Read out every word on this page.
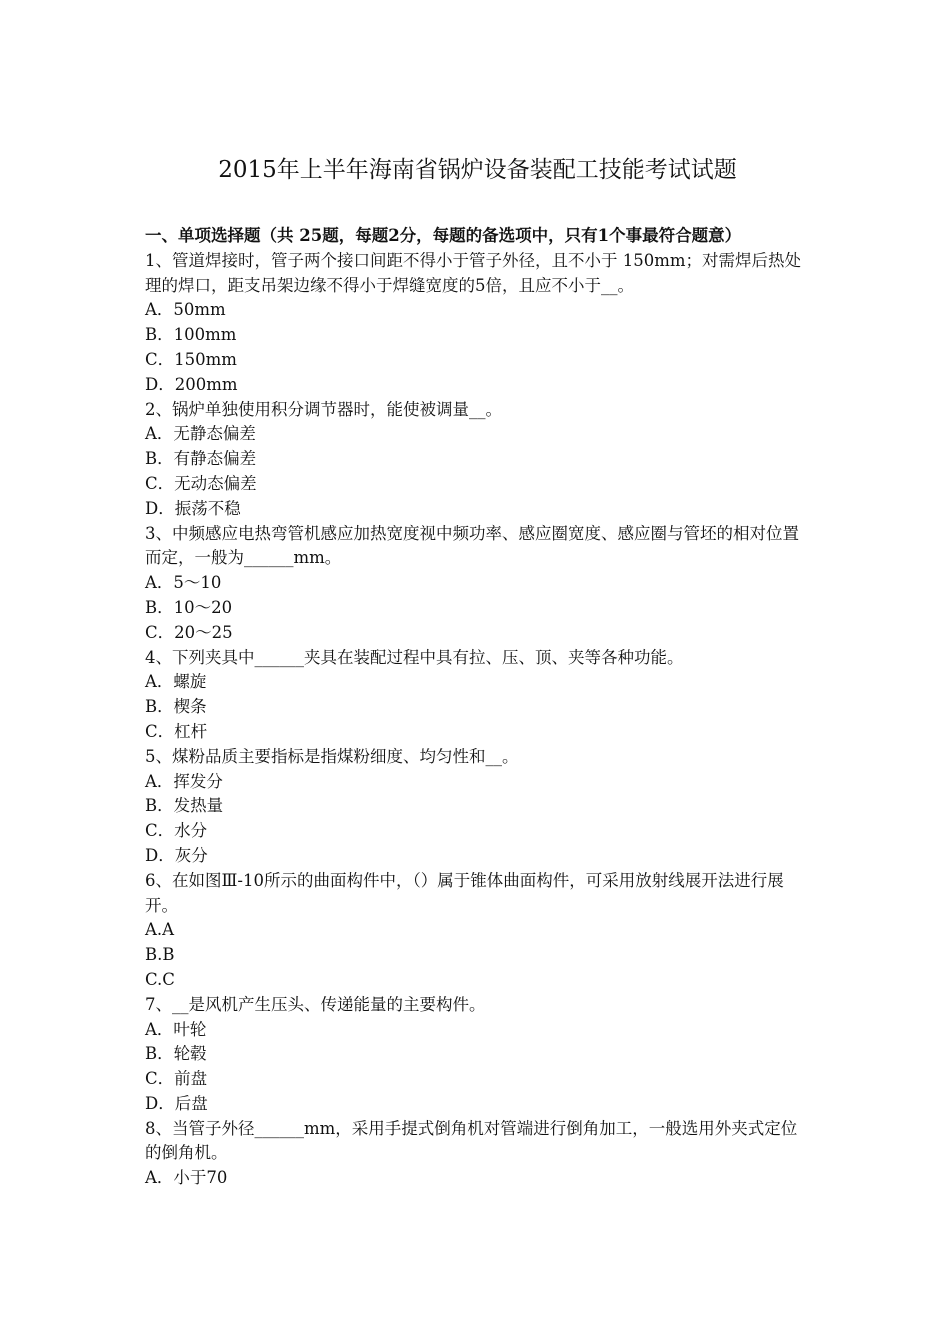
2015年上半年海南省锅炉设备装配工技能考试试题

一、单项选择题（共 25题，每题2分，每题的备选项中，只有1个事最符合题意）

1、管道焊接时，管子两个接口间距不得小于管子外径，且不小于 150mm；对需焊后热处理的焊口，距支吊架边缘不得小于焊缝宽度的5倍，且应不小于__。

A．50mm

B．100mm

C．150mm

D．200mm

2、锅炉单独使用积分调节器时，能使被调量__。

A．无静态偏差

B．有静态偏差

C．无动态偏差

D．振荡不稳

3、中频感应电热弯管机感应加热宽度视中频功率、感应圈宽度、感应圈与管坯的相对位置而定，一般为______mm。

A．5～10

B．10～20

C．20～25

4、下列夹具中______夹具在装配过程中具有拉、压、顶、夹等各种功能。

A．螺旋

B．楔条

C．杠杆

5、煤粉品质主要指标是指煤粉细度、均匀性和__。

A．挥发分

B．发热量

C．水分

D．灰分

6、在如图Ⅲ-10所示的曲面构件中，（）属于锥体曲面构件，可采用放射线展开法进行展开。

A.A

B.B

C.C

7、__是风机产生压头、传递能量的主要构件。

A．叶轮

B．轮毂

C．前盘

D．后盘

8、当管子外径______mm，采用手提式倒角机对管端进行倒角加工，一般选用外夹式定位的倒角机。

A．小于70
